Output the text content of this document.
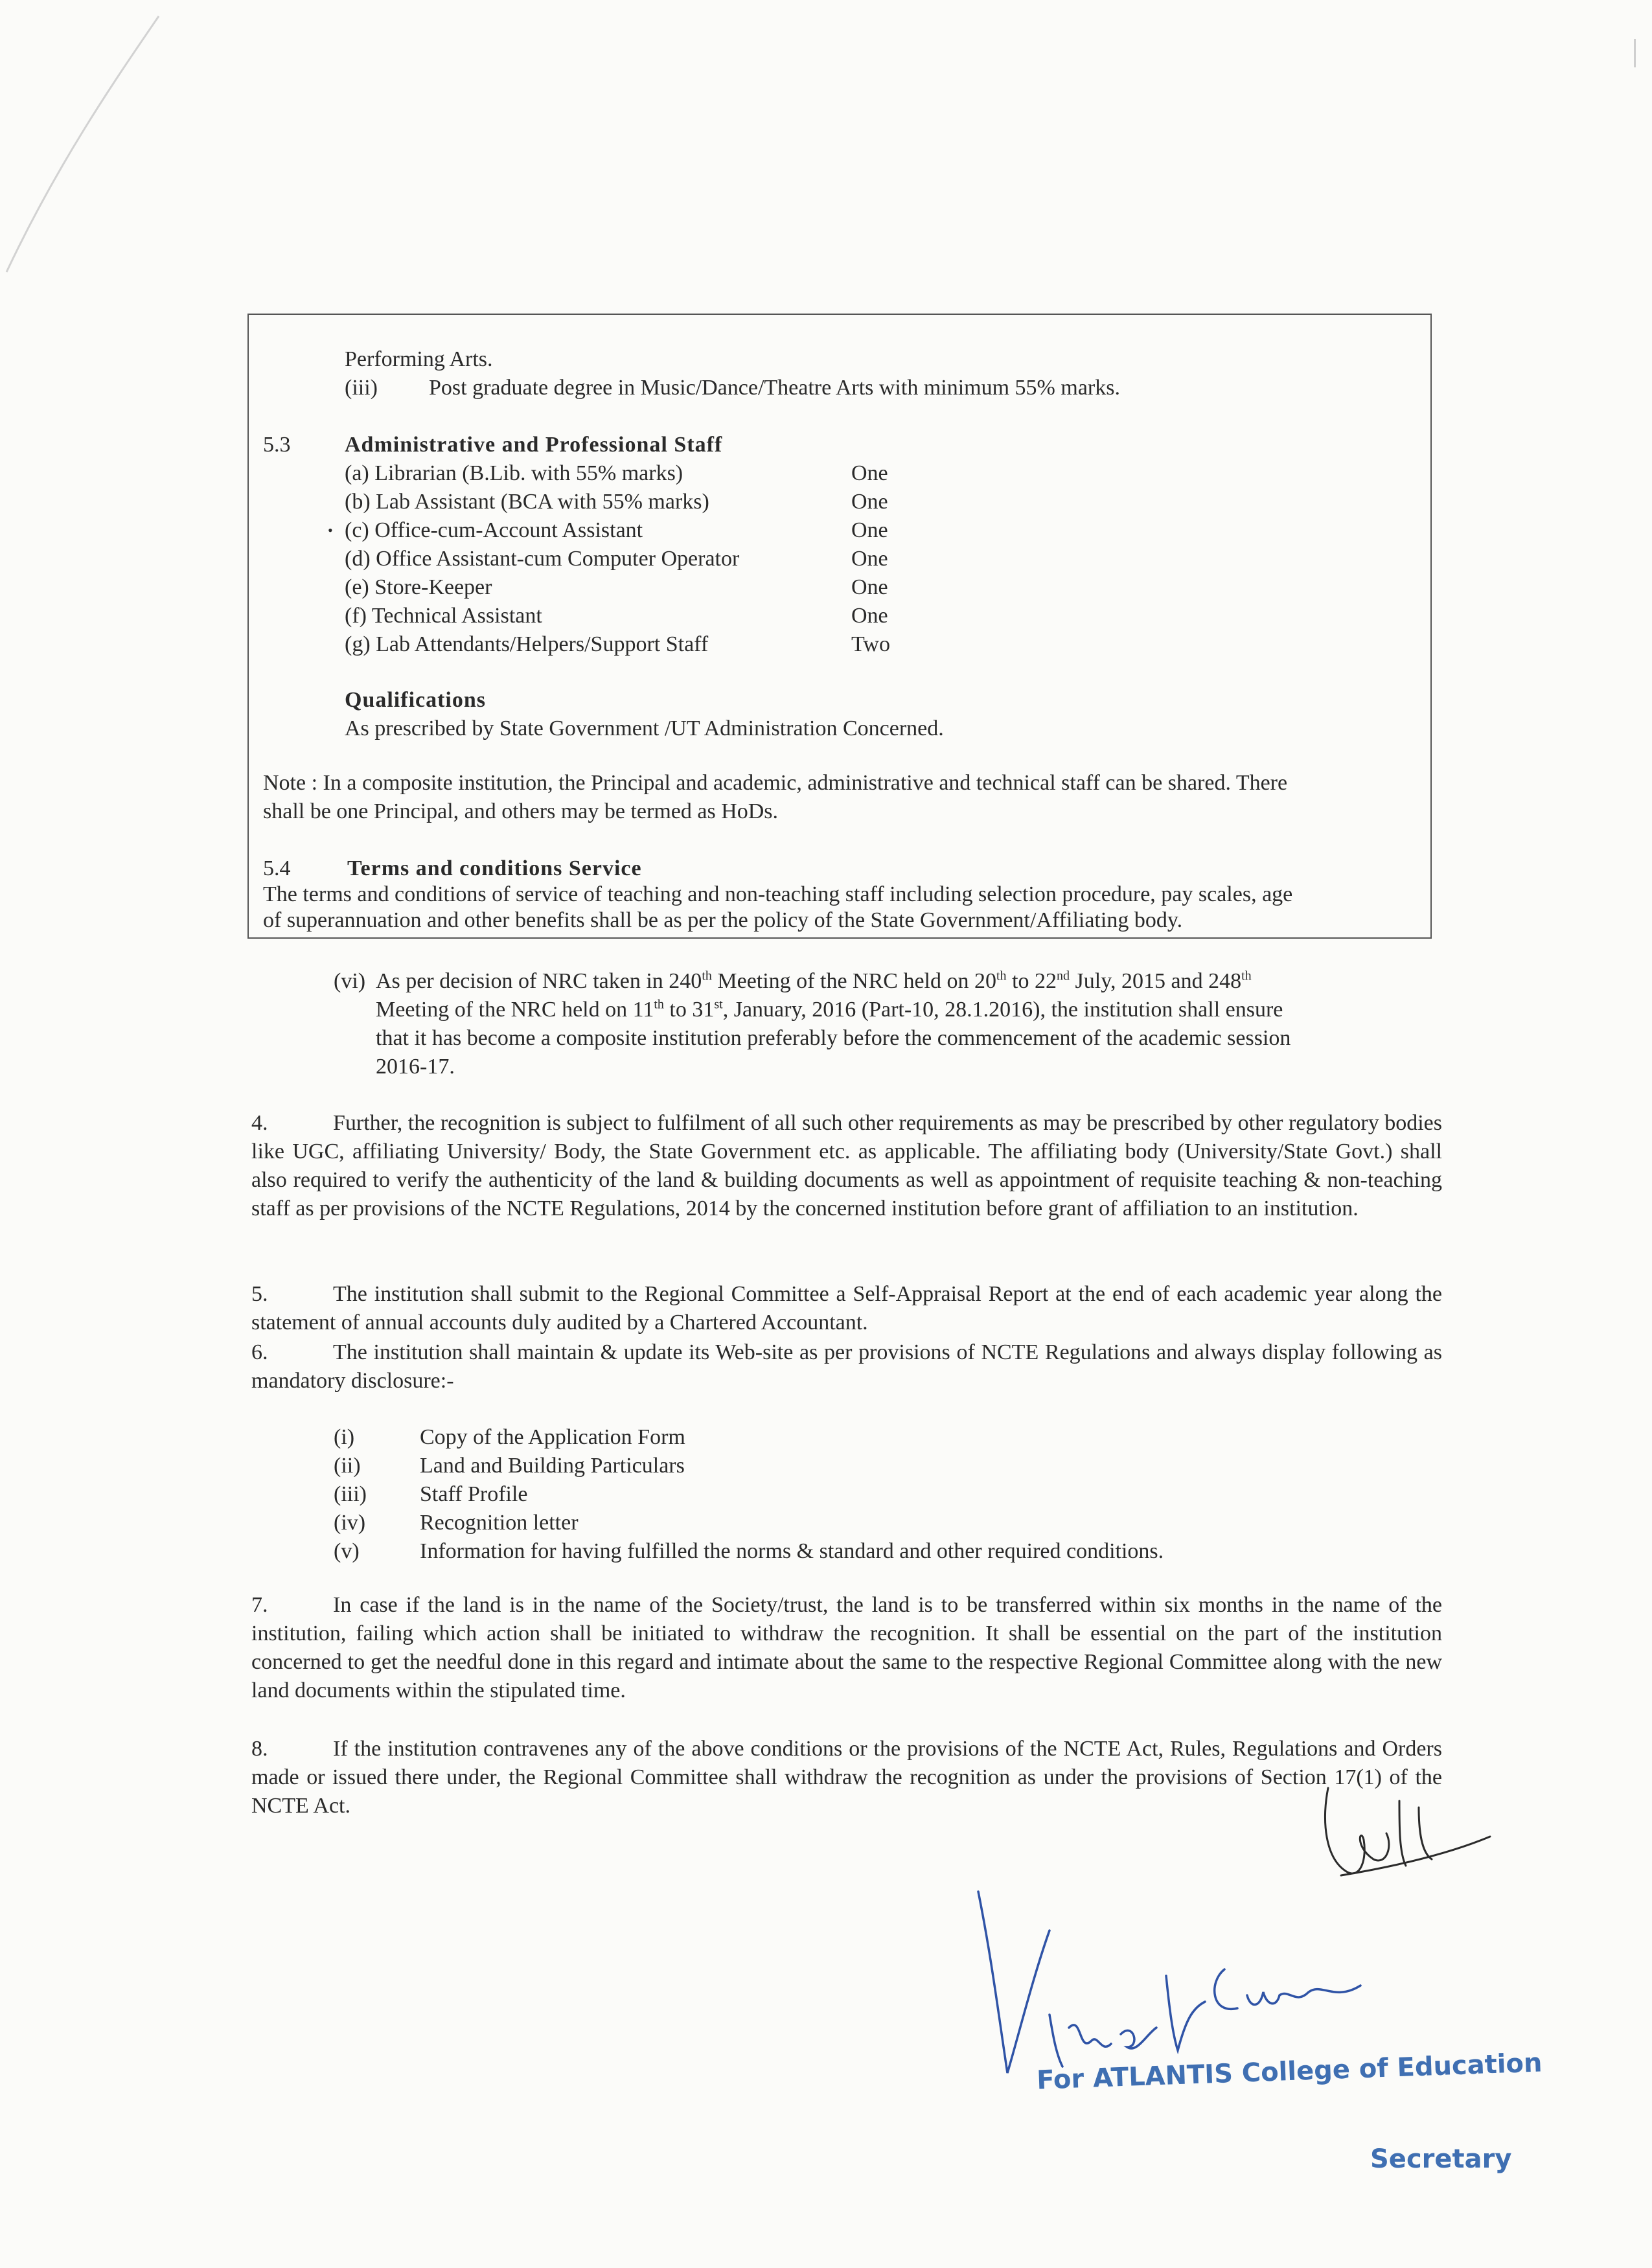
Performing Arts.
(iii) Post graduate degree in Music/Dance/Theatre Arts with minimum 55% marks.
5.3 Administrative and Professional Staff
(a) Librarian (B.Lib. with 55% marks)	One
(b) Lab Assistant (BCA with 55% marks)	One
• (c) Office-cum-Account Assistant	One
(d) Office Assistant-cum Computer Operator	One
(e) Store-Keeper	One
(f) Technical Assistant	One
(g) Lab Attendants/Helpers/Support Staff	Two
Qualifications
As prescribed by State Government /UT Administration Concerned.
Note : In a composite institution, the Principal and academic, administrative and technical staff can be shared. There
shall be one Principal, and others may be termed as HoDs.
5.4	Terms and conditions Service
The terms and conditions of service of teaching and non-teaching staff including selection procedure, pay scales, age
of superannuation and other benefits shall be as per the policy of the State Government/Affiliating body.
(vi) As per decision of NRC taken in 240th Meeting of the NRC held on 20th to 22nd July, 2015 and 248th
Meeting of the NRC held on 11th to 31st, January, 2016 (Part-10, 28.1.2016), the institution shall ensure
that it has become a composite institution preferably before the commencement of the academic session
2016-17.
4.	Further, the recognition is subject to fulfilment of all such other requirements as may be prescribed by other regulatory bodies like UGC, affiliating University/ Body, the State Government etc. as applicable. The affiliating body (University/State Govt.) shall also required to verify the authenticity of the land & building documents as well as appointment of requisite teaching & non-teaching staff as per provisions of the NCTE Regulations, 2014 by the concerned institution before grant of affiliation to an institution.
5.	The institution shall submit to the Regional Committee a Self-Appraisal Report at the end of each academic year along the statement of annual accounts duly audited by a Chartered Accountant.
6.	The institution shall maintain & update its Web-site as per provisions of NCTE Regulations and always display following as mandatory disclosure:-
(i)	Copy of the Application Form
(ii)	Land and Building Particulars
(iii) Staff Profile
(iv) Recognition letter
(v)	Information for having fulfilled the norms & standard and other required conditions.
7.	In case if the land is in the name of the Society/trust, the land is to be transferred within six months in the name of the institution, failing which action shall be initiated to withdraw the recognition. It shall be essential on the part of the institution concerned to get the needful done in this regard and intimate about the same to the respective Regional Committee along with the new land documents within the stipulated time.
8.	If the institution contravenes any of the above conditions or the provisions of the NCTE Act, Rules, Regulations and Orders made or issued there under, the Regional Committee shall withdraw the recognition as under the provisions of Section 17(1) of the NCTE Act.
For ATLANTIS College of Education
Secretary
